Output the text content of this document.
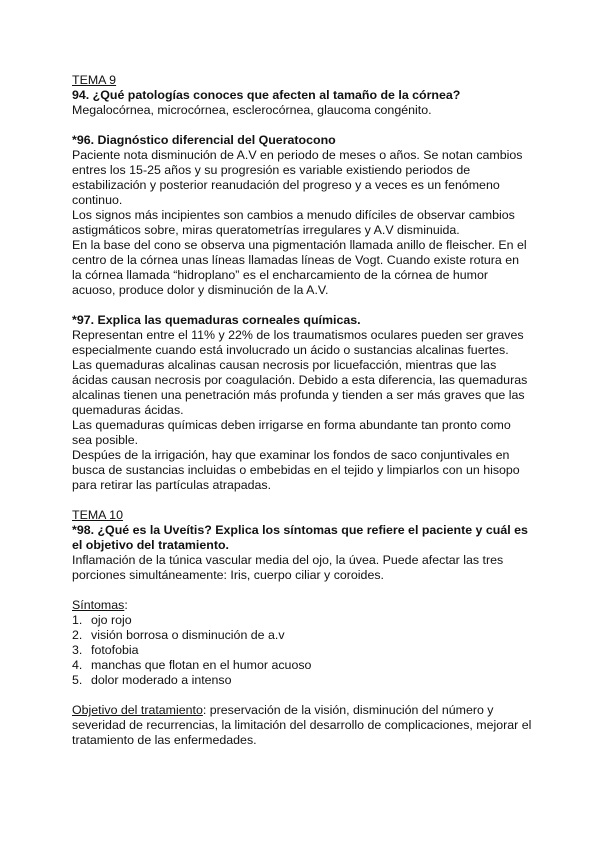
TEMA 9

94. ¿Qué patologías conoces que afecten al tamaño de la córnea?

Megalocórnea, microcórnea, esclerocórnea, glaucoma congénito.

*96. Diagnóstico diferencial del Queratocono

Paciente nota disminución de A.V en periodo de meses o años. Se notan cambios entres los 15-25 años y su progresión es variable existiendo periodos de estabilización y posterior reanudación del progreso y a veces es un fenómeno continuo.

Los signos más incipientes son cambios a menudo difíciles de observar cambios astigmáticos sobre, miras queratometrías irregulares y A.V disminuida.

En la base del cono se observa una pigmentación llamada anillo de fleischer. En el centro de la córnea unas líneas llamadas líneas de Vogt. Cuando existe rotura en la córnea llamada “hidroplano” es el encharcamiento de la córnea de humor acuoso, produce dolor y disminución de la A.V.

*97. Explica las quemaduras corneales químicas.

Representan entre el 11% y 22% de los traumatismos oculares pueden ser graves especialmente cuando está involucrado un ácido o sustancias alcalinas fuertes.

Las quemaduras alcalinas causan necrosis por licuefacción, mientras que las ácidas causan necrosis por coagulación. Debido a esta diferencia, las quemaduras alcalinas tienen una penetración más profunda y tienden a ser más graves que las quemaduras ácidas.

Las quemaduras químicas deben irrigarse en forma abundante tan pronto como sea posible.

Despúes de la irrigación, hay que examinar los fondos de saco conjuntivales en busca de sustancias incluidas o embebidas en el tejido y limpiarlos con un hisopo para retirar las partículas atrapadas.

TEMA 10

*98. ¿Qué es la Uveítis? Explica los síntomas que refiere el paciente y cuál es el objetivo del tratamiento.

Inflamación de la túnica vascular media del ojo, la úvea. Puede afectar las tres porciones simultáneamente: Iris, cuerpo ciliar y coroides.

Síntomas:

1. ojo rojo
2. visión borrosa o disminución de a.v
3. fotofobia
4. manchas que flotan en el humor acuoso
5. dolor moderado a intenso

Objetivo del tratamiento: preservación de la visión, disminución del número y severidad de recurrencias, la limitación del desarrollo de complicaciones, mejorar el tratamiento de las enfermedades.
